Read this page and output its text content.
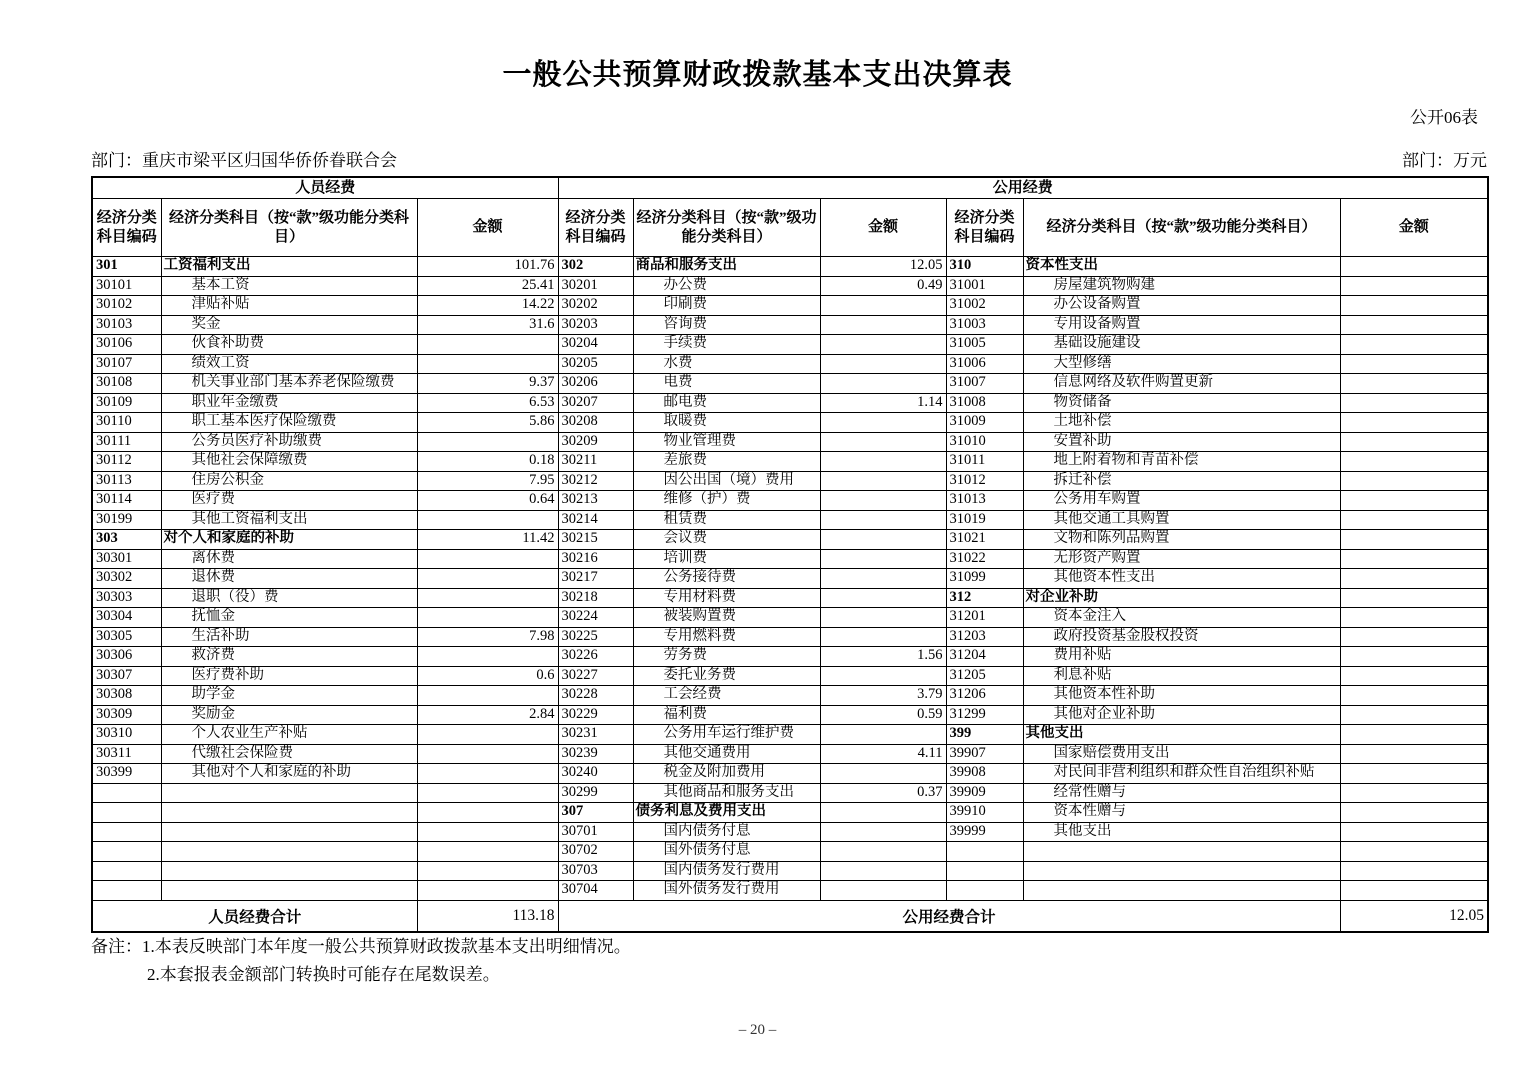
一般公共预算财政拨款基本支出决算表
公开06表
部门：重庆市梁平区归国华侨侨眷联合会	部门：万元
人员经费			公用经费					
经济分类科目编码	经济分类科目（按“款”级功能分类科目）	金额	经济分类科目编码	经济分类科目（按“款”级功能分类科目）	金额	经济分类科目编码	经济分类科目（按“款”级功能分类科目）	金额
301	工资福利支出	101.76	302	商品和服务支出	12.05	310	资本性支出	
30101	基本工资	25.41	30201	办公费	0.49	31001	房屋建筑物购建	
30102	津贴补贴	14.22	30202	印刷费		31002	办公设备购置	
30103	奖金	31.6	30203	咨询费		31003	专用设备购置	
30106	伙食补助费		30204	手续费		31005	基础设施建设	
30107	绩效工资		30205	水费		31006	大型修缮	
30108	机关事业部门基本养老保险缴费	9.37	30206	电费		31007	信息网络及软件购置更新	
30109	职业年金缴费	6.53	30207	邮电费	1.14	31008	物资储备	
30110	职工基本医疗保险缴费	5.86	30208	取暖费		31009	土地补偿	
30111	公务员医疗补助缴费		30209	物业管理费		31010	安置补助	
30112	其他社会保障缴费	0.18	30211	差旅费		31011	地上附着物和青苗补偿	
30113	住房公积金	7.95	30212	因公出国（境）费用		31012	拆迁补偿	
30114	医疗费	0.64	30213	维修（护）费		31013	公务用车购置	
30199	其他工资福利支出		30214	租赁费		31019	其他交通工具购置	
303	对个人和家庭的补助	11.42	30215	会议费		31021	文物和陈列品购置	
30301	离休费		30216	培训费		31022	无形资产购置	
30302	退休费		30217	公务接待费		31099	其他资本性支出	
30303	退职（役）费		30218	专用材料费		312	对企业补助	
30304	抚恤金		30224	被装购置费		31201	资本金注入	
30305	生活补助	7.98	30225	专用燃料费		31203	政府投资基金股权投资	
30306	救济费		30226	劳务费	1.56	31204	费用补贴	
30307	医疗费补助	0.6	30227	委托业务费		31205	利息补贴	
30308	助学金		30228	工会经费	3.79	31206	其他资本性补助	
30309	奖励金	2.84	30229	福利费	0.59	31299	其他对企业补助	
30310	个人农业生产补贴		30231	公务用车运行维护费		399	其他支出	
30311	代缴社会保险费		30239	其他交通费用	4.11	39907	国家赔偿费用支出	
30399	其他对个人和家庭的补助		30240	税金及附加费用		39908	对民间非营利组织和群众性自治组织补贴	
			30299	其他商品和服务支出	0.37	39909	经常性赠与	
			307	债务利息及费用支出		39910	资本性赠与	
			30701	国内债务付息		39999	其他支出	
			30702	国外债务付息				
			30703	国内债务发行费用				
			30704	国外债务发行费用				
人员经费合计		113.18	公用经费合计					12.05
备注：1.本表反映部门本年度一般公共预算财政拨款基本支出明细情况。
2.本套报表金额部门转换时可能存在尾数误差。
– 20 –
